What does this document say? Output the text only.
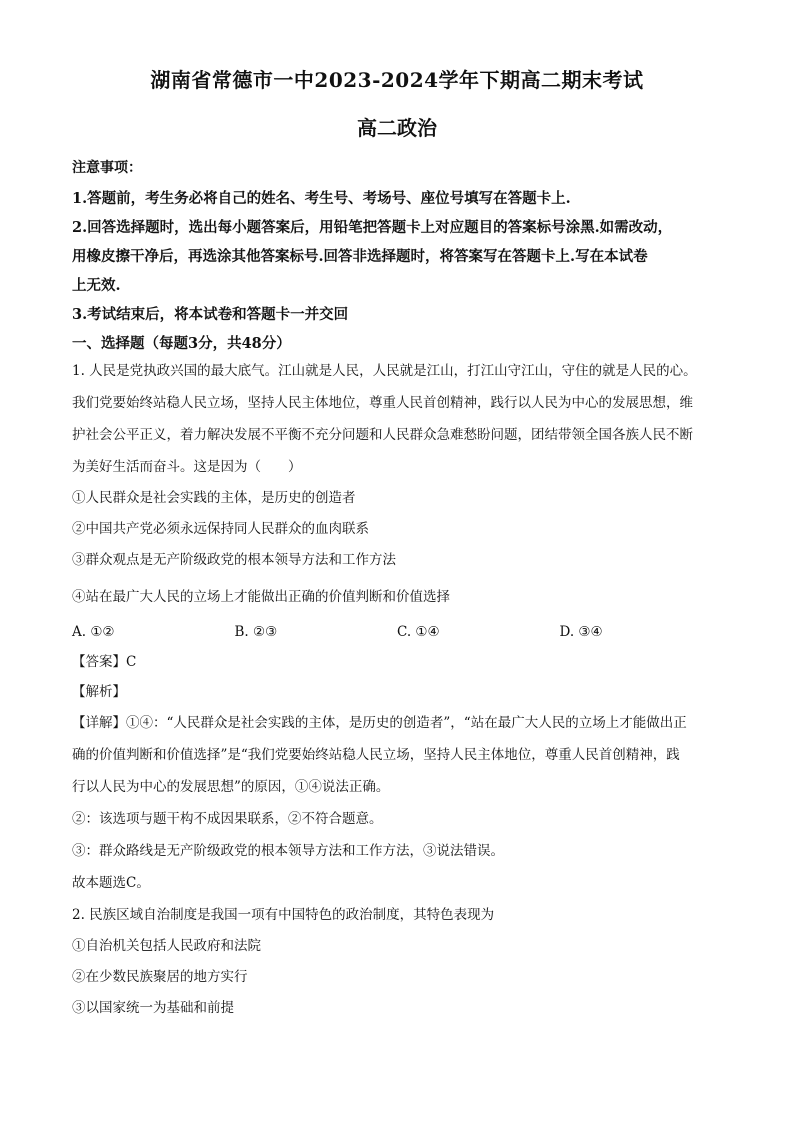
湖南省常德市一中2023-2024学年下期高二期末考试
高二政治

注意事项：

1.答题前，考生务必将自己的姓名、考生号、考场号、座位号填写在答题卡上.

2.回答选择题时，选出每小题答案后，用铅笔把答题卡上对应题目的答案标号涂黑.如需改动，

用橡皮擦干净后，再选涂其他答案标号.回答非选择题时，将答案写在答题卡上.写在本试卷

上无效.

3.考试结束后，将本试卷和答题卡一并交回

一、选择题（每题3分，共48分）

1. 人民是党执政兴国的最大底气。江山就是人民，人民就是江山，打江山守江山，守住的就是人民的心。

我们党要始终站稳人民立场，坚持人民主体地位，尊重人民首创精神，践行以人民为中心的发展思想，维

护社会公平正义，着力解决发展不平衡不充分问题和人民群众急难愁盼问题，团结带领全国各族人民不断

为美好生活而奋斗。这是因为（　　）

①人民群众是社会实践的主体，是历史的创造者

②中国共产党必须永远保持同人民群众的血肉联系

③群众观点是无产阶级政党的根本领导方法和工作方法

④站在最广大人民的立场上才能做出正确的价值判断和价值选择

A. ①②	B. ②③	C. ①④	D. ③④

【答案】C

【解析】

【详解】①④：“人民群众是社会实践的主体，是历史的创造者”，“站在最广大人民的立场上才能做出正

确的价值判断和价值选择”是“我们党要始终站稳人民立场，坚持人民主体地位，尊重人民首创精神，践

行以人民为中心的发展思想”的原因，①④说法正确。

②：该选项与题干构不成因果联系，②不符合题意。

③：群众路线是无产阶级政党的根本领导方法和工作方法，③说法错误。

故本题选C。

2. 民族区域自治制度是我国一项有中国特色的政治制度，其特色表现为

①自治机关包括人民政府和法院

②在少数民族聚居的地方实行

③以国家统一为基础和前提
